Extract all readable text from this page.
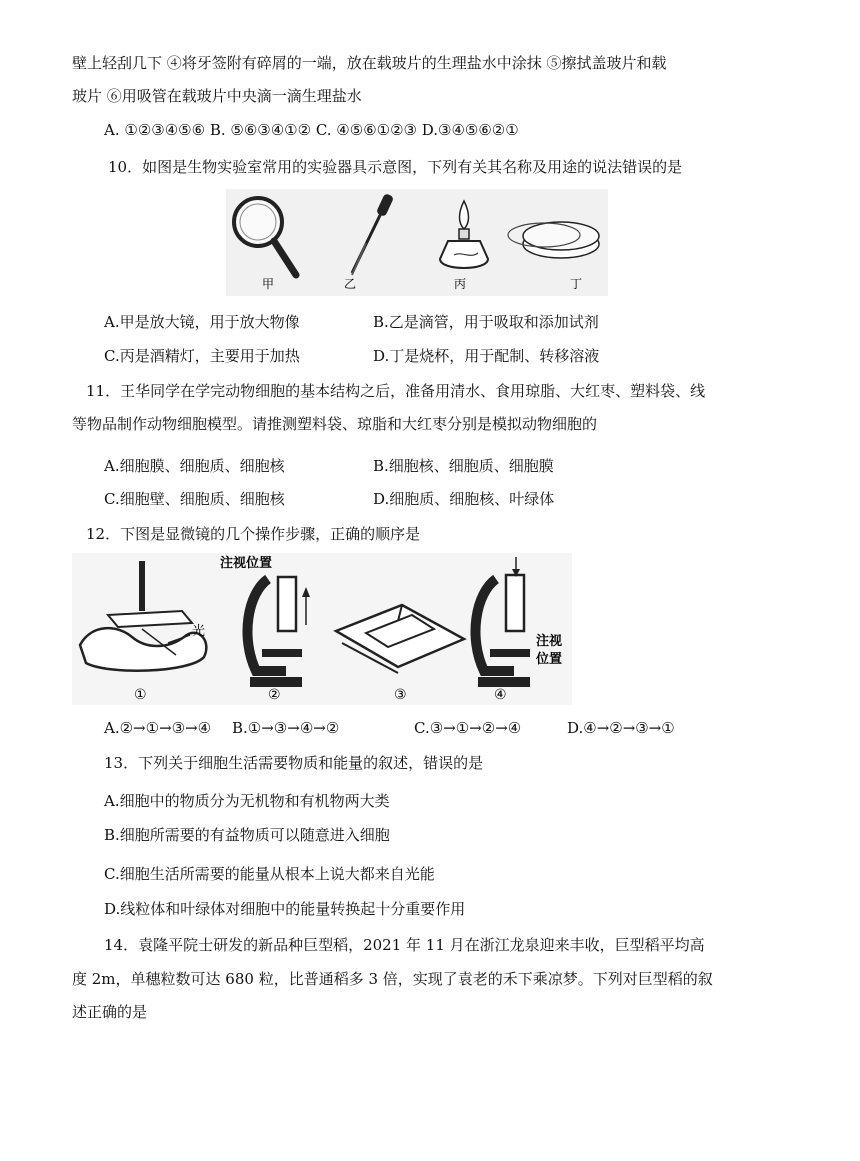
壁上轻刮几下 ④将牙签附有碎屑的一端，放在载玻片的生理盐水中涂抹 ⑤擦拭盖玻片和载
玻片 ⑥用吸管在载玻片中央滴一滴生理盐水
A. ①②③④⑤⑥ B. ⑤⑥③④①② C. ④⑤⑥①②③ D.③④⑤⑥②①
10．如图是生物实验室常用的实验器具示意图，下列有关其名称及用途的说法错误的是
甲	乙	丙	丁
A.甲是放大镜，用于放大物像	B.乙是滴管，用于吸取和添加试剂
C.丙是酒精灯，主要用于加热	D.丁是烧杯，用于配制、转移溶液
11．王华同学在学完动物细胞的基本结构之后，准备用清水、食用琼脂、大红枣、塑料袋、线
等物品制作动物细胞模型。请推测塑料袋、琼脂和大红枣分别是模拟动物细胞的
A.细胞膜、细胞质、细胞核	B.细胞核、细胞质、细胞膜
C.细胞壁、细胞质、细胞核	D.细胞质、细胞核、叶绿体
12．下图是显微镜的几个操作步骤，正确的顺序是
光
注视位置
注视
位置
①	②	③	④
A.②→①→③→④ B.①→③→④→②	C.③→①→②→④	D.④→②→③→①
13．下列关于细胞生活需要物质和能量的叙述，错误的是
A.细胞中的物质分为无机物和有机物两大类
B.细胞所需要的有益物质可以随意进入细胞
C.细胞生活所需要的能量从根本上说大都来自光能
D.线粒体和叶绿体对细胞中的能量转换起十分重要作用
14．袁隆平院士研发的新品种巨型稻，2021 年 11 月在浙江龙泉迎来丰收，巨型稻平均高
度 2m，单穗粒数可达 680 粒，比普通稻多 3 倍，实现了袁老的禾下乘凉梦。下列对巨型稻的叙
述正确的是
